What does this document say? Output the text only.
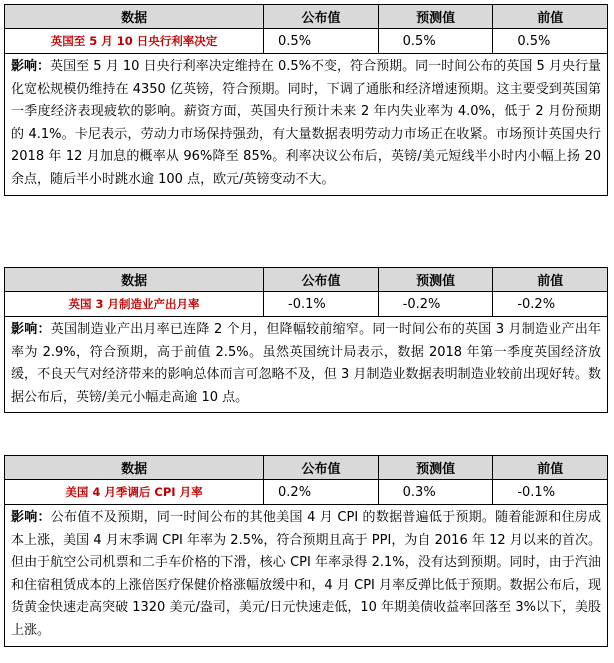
数据	公布值	预测值	前值
英国至 5 月 10 日央行利率决定	0.5%	0.5%	0.5%
影响：英国至 5 月 10 日央行利率决定维持在 0.5%不变，符合预期。同一时间公布的英国 5 月央行量化宽松规模仍维持在 4350 亿英镑，符合预期。同时，下调了通胀和经济增速预期。这主要受到英国第一季度经济表现疲软的影响。薪资方面，英国央行预计未来 2 年内失业率为 4.0%，低于 2 月份预期的 4.1%。卡尼表示，劳动力市场保持强劲，有大量数据表明劳动力市场正在收紧。市场预计英国央行 2018 年 12 月加息的概率从 96%降至 85%。利率决议公布后，英镑/美元短线半小时内小幅上扬 20 余点，随后半小时跳水逾 100 点，欧元/英镑变动不大。
数据	公布值	预测值	前值
英国 3 月制造业产出月率	-0.1%	-0.2%	-0.2%
影响：英国制造业产出月率已连降 2 个月，但降幅较前缩窄。同一时间公布的英国 3 月制造业产出年率为 2.9%，符合预期，高于前值 2.5%。虽然英国统计局表示，数据 2018 年第一季度英国经济放缓，不良天气对经济带来的影响总体而言可忽略不及，但 3 月制造业数据表明制造业较前出现好转。数据公布后，英镑/美元小幅走高逾 10 点。
数据	公布值	预测值	前值
美国 4 月季调后 CPI 月率	0.2%	0.3%	-0.1%
影响：公布值不及预期，同一时间公布的其他美国 4 月 CPI 的数据普遍低于预期。随着能源和住房成本上涨，美国 4 月末季调 CPI 年率为 2.5%，符合预期且高于 PPI，为自 2016 年 12 月以来的首次。但由于航空公司机票和二手车价格的下滑，核心 CPI 年率录得 2.1%，没有达到预期。同时，由于汽油和住宿租赁成本的上涨倍医疗保健价格涨幅放缓中和，4 月 CPI 月率反弹比低于预期。数据公布后，现货黄金快速走高突破 1320 美元/盎司，美元/日元快速走低，10 年期美债收益率回落至 3%以下，美股上涨。
